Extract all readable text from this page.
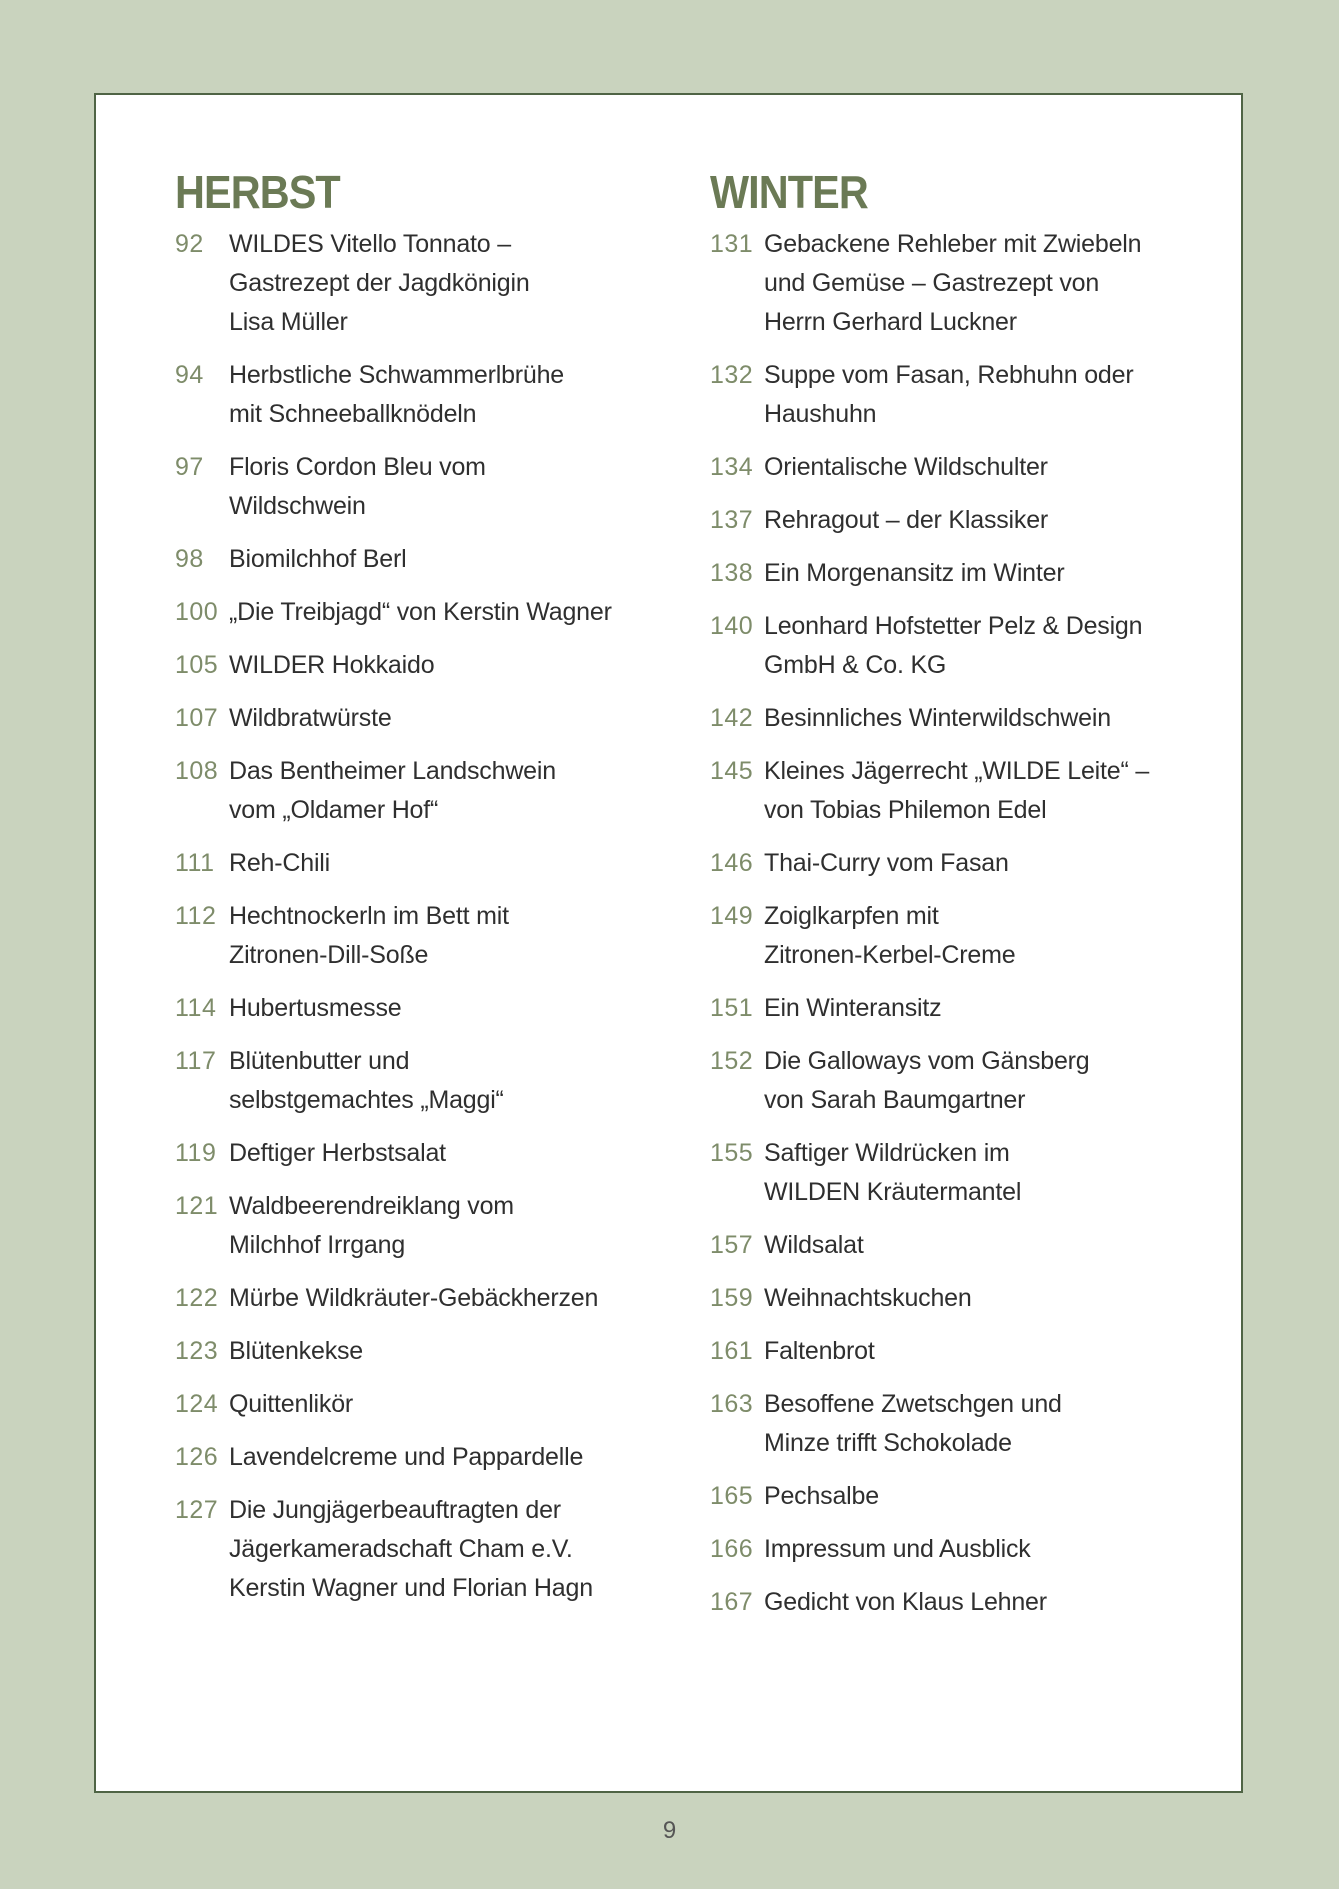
HERBST
92	WILDES Vitello Tonnato –
Gastrezept der Jagdkönigin
Lisa Müller
94	Herbstliche Schwammerlbrühe
mit Schneeballknödeln
97	Floris Cordon Bleu vom
Wildschwein
98	Biomilchhof Berl
100 „Die Treibjagd“ von Kerstin Wagner
105 WILDER Hokkaido
107 Wildbratwürste
108 Das Bentheimer Landschwein
vom „Oldamer Hof“
111 Reh-Chili
112 Hechtnockerln im Bett mit
Zitronen-Dill-Soße
114 Hubertusmesse
117 Blütenbutter und
selbstgemachtes „Maggi“
119 Deftiger Herbstsalat
121 Waldbeerendreiklang vom
Milchhof Irrgang
122 Mürbe Wildkräuter-Gebäckherzen
123 Blütenkekse
124 Quittenlikör
126 Lavendelcreme und Pappardelle
127 Die Jungjägerbeauftragten der
Jägerkameradschaft Cham e.V.
Kerstin Wagner und Florian Hagn
WINTER
131 Gebackene Rehleber mit Zwiebeln
und Gemüse – Gastrezept von
Herrn Gerhard Luckner
132 Suppe vom Fasan, Rebhuhn oder
Haushuhn
134 Orientalische Wildschulter
137 Rehragout – der Klassiker
138 Ein Morgenansitz im Winter
140 Leonhard Hofstetter Pelz & Design
GmbH & Co. KG
142 Besinnliches Winterwildschwein
145 Kleines Jägerrecht „WILDE Leite“ –
von Tobias Philemon Edel
146 Thai-Curry vom Fasan
149 Zoiglkarpfen mit
Zitronen-Kerbel-Creme
151 Ein Winteransitz
152 Die Galloways vom Gänsberg
von Sarah Baumgartner
155 Saftiger Wildrücken im
WILDEN Kräutermantel
157 Wildsalat
159 Weihnachtskuchen
161 Faltenbrot
163 Besoffene Zwetschgen und
Minze trifft Schokolade
165 Pechsalbe
166 Impressum und Ausblick
167 Gedicht von Klaus Lehner
9
